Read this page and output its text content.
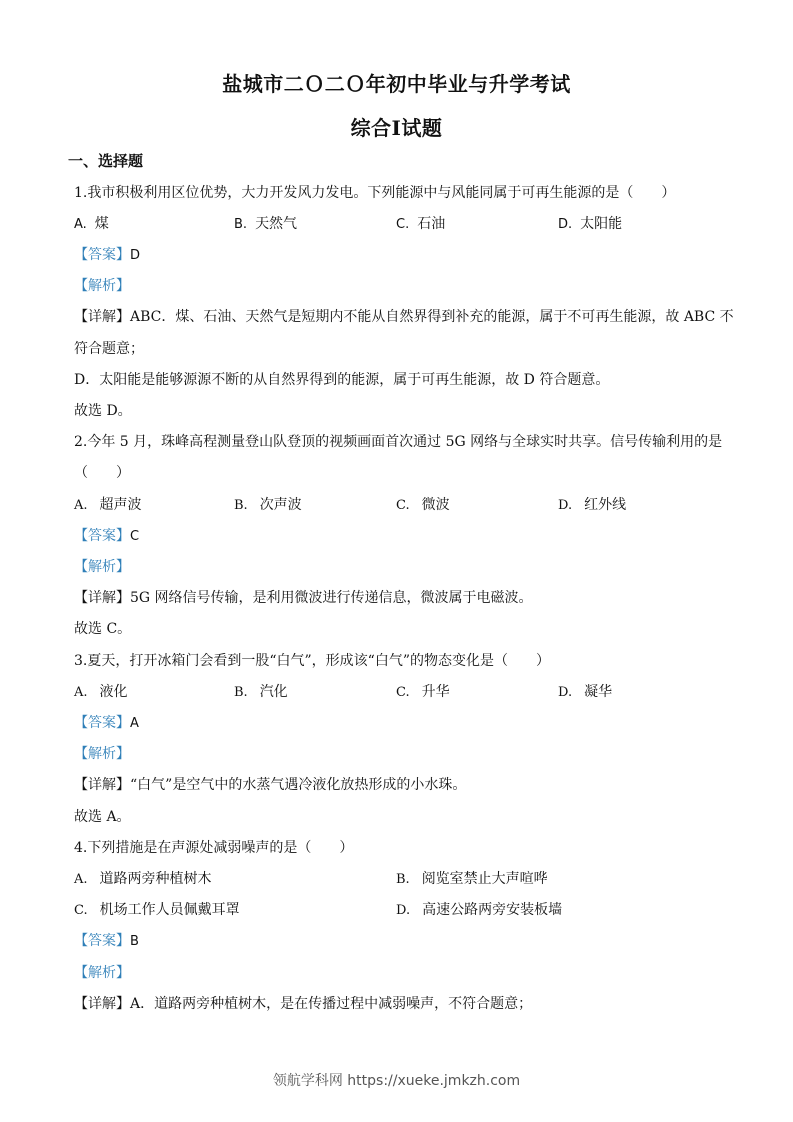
盐城市二Ｏ二Ｏ年初中毕业与升学考试
综合Ⅰ试题
一、选择题
1.我市积极利用区位优势，大力开发风力发电。下列能源中与风能同属于可再生能源的是（　　）
A. 煤	B. 天然气	C. 石油	D. 太阳能
【答案】D
【解析】
【详解】ABC．煤、石油、天然气是短期内不能从自然界得到补充的能源，属于不可再生能源，故 ABC 不
符合题意；
D．太阳能是能够源源不断的从自然界得到的能源，属于可再生能源，故 D 符合题意。
故选 D。
2.今年 5 月，珠峰高程测量登山队登顶的视频画面首次通过 5G 网络与全球实时共享。信号传输利用的是
（　　）
A. 超声波	B. 次声波	C. 微波	D. 红外线
【答案】C
【解析】
【详解】5G 网络信号传输，是利用微波进行传递信息，微波属于电磁波。
故选 C。
3.夏天，打开冰箱门会看到一股“白气”，形成该“白气”的物态变化是（　　）
A. 液化	B. 汽化	C. 升华	D. 凝华
【答案】A
【解析】
【详解】“白气”是空气中的水蒸气遇冷液化放热形成的小水珠。
故选 A。
4.下列措施是在声源处减弱噪声的是（　　）
A. 道路两旁种植树木	B. 阅览室禁止大声喧哗
C. 机场工作人员佩戴耳罩	D. 高速公路两旁安装板墙
【答案】B
【解析】
【详解】A．道路两旁种植树木，是在传播过程中减弱噪声，不符合题意；
领航学科网 https://xueke.jmkzh.com
